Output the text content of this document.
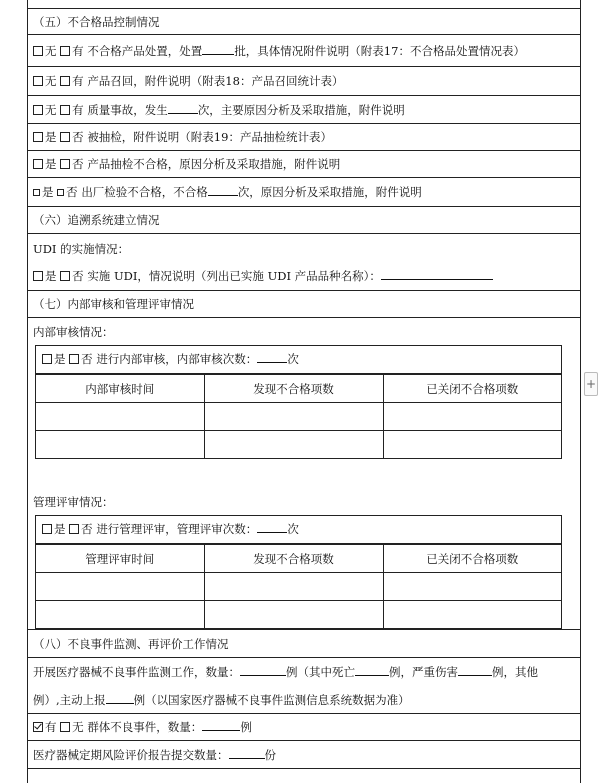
（五）不合格品控制情况
无 有 不合格产品处置，处置	批，具体情况附件说明（附表17：不合格品处置情况表）
无 有 产品召回，附件说明（附表18：产品召回统计表）
无 有 质量事故，发生	次，主要原因分析及采取措施，附件说明
是 否 被抽检，附件说明（附表19：产品抽检统计表）
是 否 产品抽检不合格，原因分析及采取措施，附件说明
是 否 出厂检验不合格，不合格	次，原因分析及采取措施，附件说明
（六）追溯系统建立情况
UDI 的实施情况：
是 否 实施 UDI，情况说明（列出已实施 UDI 产品品种名称）：
（七）内部审核和管理评审情况
内部审核情况：
是 否 进行内部审核，内部审核次数：	次
内部审核时间	发现不合格项数	已关闭不合格项数

管理评审情况：
是 否 进行管理评审，管理评审次数：	次
管理评审时间	发现不合格项数	已关闭不合格项数

（八）不良事件监测、再评价工作情况
开展医疗器械不良事件监测工作，数量：	例（其中死亡	例，严重伤害	例，其他
例）,主动上报 例（以国家医疗器械不良事件监测信息系统数据为准）
有 无 群体不良事件，数量：	例
医疗器械定期风险评价报告提交数量：	份
+
